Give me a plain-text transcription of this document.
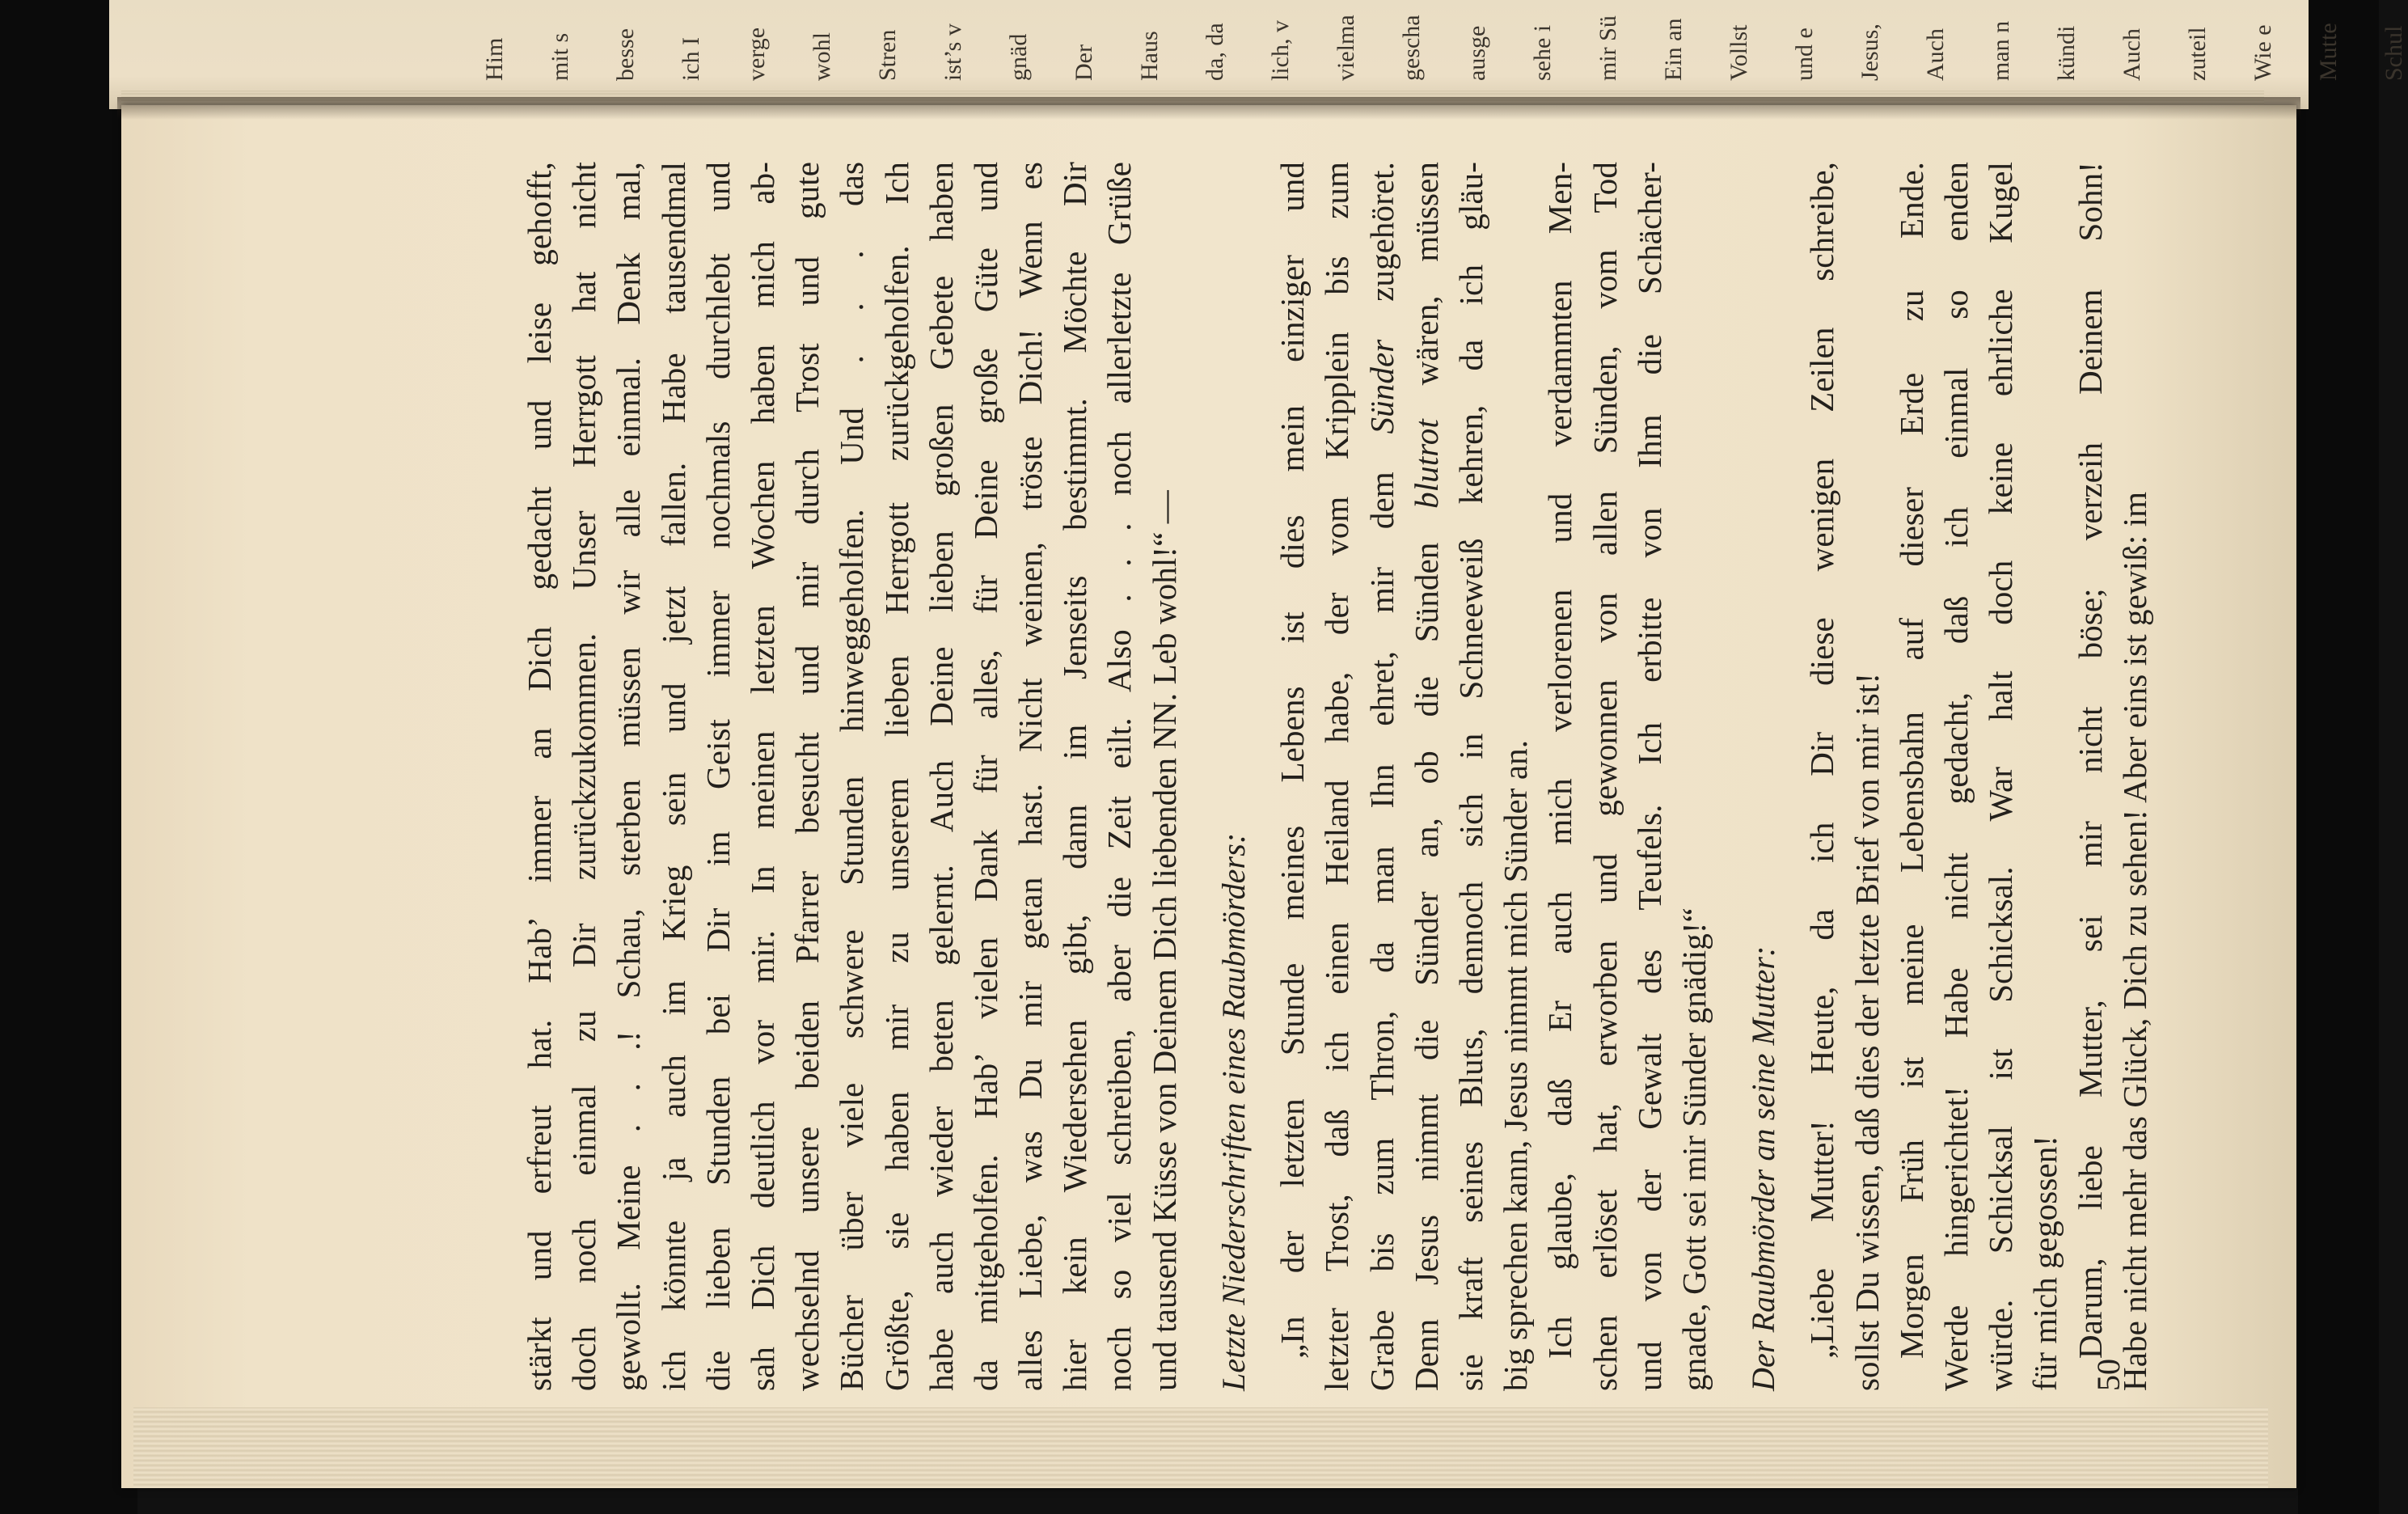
Him mit s besse ich I verge wohl Stren ist’s v gnäd Der Haus da, da lich, v vielma gescha ausge sehe i mir Sü Ein an Vollst und e Jesus, Auch man n kündi Auch zuteil Wie e Mutte Schul
stärkt und erfreut hat. Hab’ immer an Dich gedacht und leise gehofft, doch noch einmal zu Dir zurückzukommen. Unser Herrgott hat nicht gewollt. Meine . . .! Schau, sterben müssen wir alle einmal. Denk mal, ich könnte ja auch im Krieg sein und jetzt fallen. Habe tausendmal die lieben Stunden bei Dir im Geist immer nochmals durchlebt und sah Dich deutlich vor mir. In meinen letzten Wochen haben mich ab- wechselnd unsere beiden Pfarrer besucht und mir durch Trost und gute Bücher über viele schwere Stunden hinweggeholfen. Und . . . das Größte, sie haben mir zu unserem lieben Herrgott zurückgeholfen. Ich habe auch wieder beten gelernt. Auch Deine lieben großen Gebete haben da mitgeholfen. Hab’ vielen Dank für alles, für Deine große Güte und alles Liebe, was Du mir getan hast. Nicht weinen, tröste Dich! Wenn es hier kein Wiedersehen gibt, dann im Jenseits bestimmt. Möchte Dir noch so viel schreiben, aber die Zeit eilt. Also . . . noch allerletzte Grüße und tausend Küsse von Deinem Dich liebenden NN. Leb wohl!“ — Letzte Niederschriften eines Raubmörders: „In der letzten Stunde meines Lebens ist dies mein einziger und letzter Trost, daß ich einen Heiland habe, der vom Kripplein bis zum Grabe bis zum Thron, da man Ihn ehret, mir dem Sünder zugehöret.
Denn Jesus nimmt die Sünder an, ob die Sünden blutrot wären, müssen sie kraft seines Bluts, dennoch sich in Schneeweiß kehren, da ich gläu- big sprechen kann, Jesus nimmt mich Sünder an. Ich glaube, daß Er auch mich verlorenen und verdammten Men- schen erlöset hat, erworben und gewonnen von allen Sünden, vom Tod und von der Gewalt des Teufels. Ich erbitte von Ihm die Schächer- gnade, Gott sei mir Sünder gnädig!“ Der Raubmörder an seine Mutter: „Liebe Mutter! Heute, da ich Dir diese wenigen Zeilen schreibe, sollst Du wissen, daß dies der letzte Brief von mir ist! Morgen Früh ist meine Lebensbahn auf dieser Erde zu Ende. Werde hingerichtet! Habe nicht gedacht, daß ich einmal so enden würde. Schicksal ist Schicksal. War halt doch keine ehrliche Kugel für mich gegossen! Darum, liebe Mutter, sei mir nicht böse; verzeih Deinem Sohn! Habe nicht mehr das Glück, Dich zu sehen! Aber eins ist gewiß: im
50
